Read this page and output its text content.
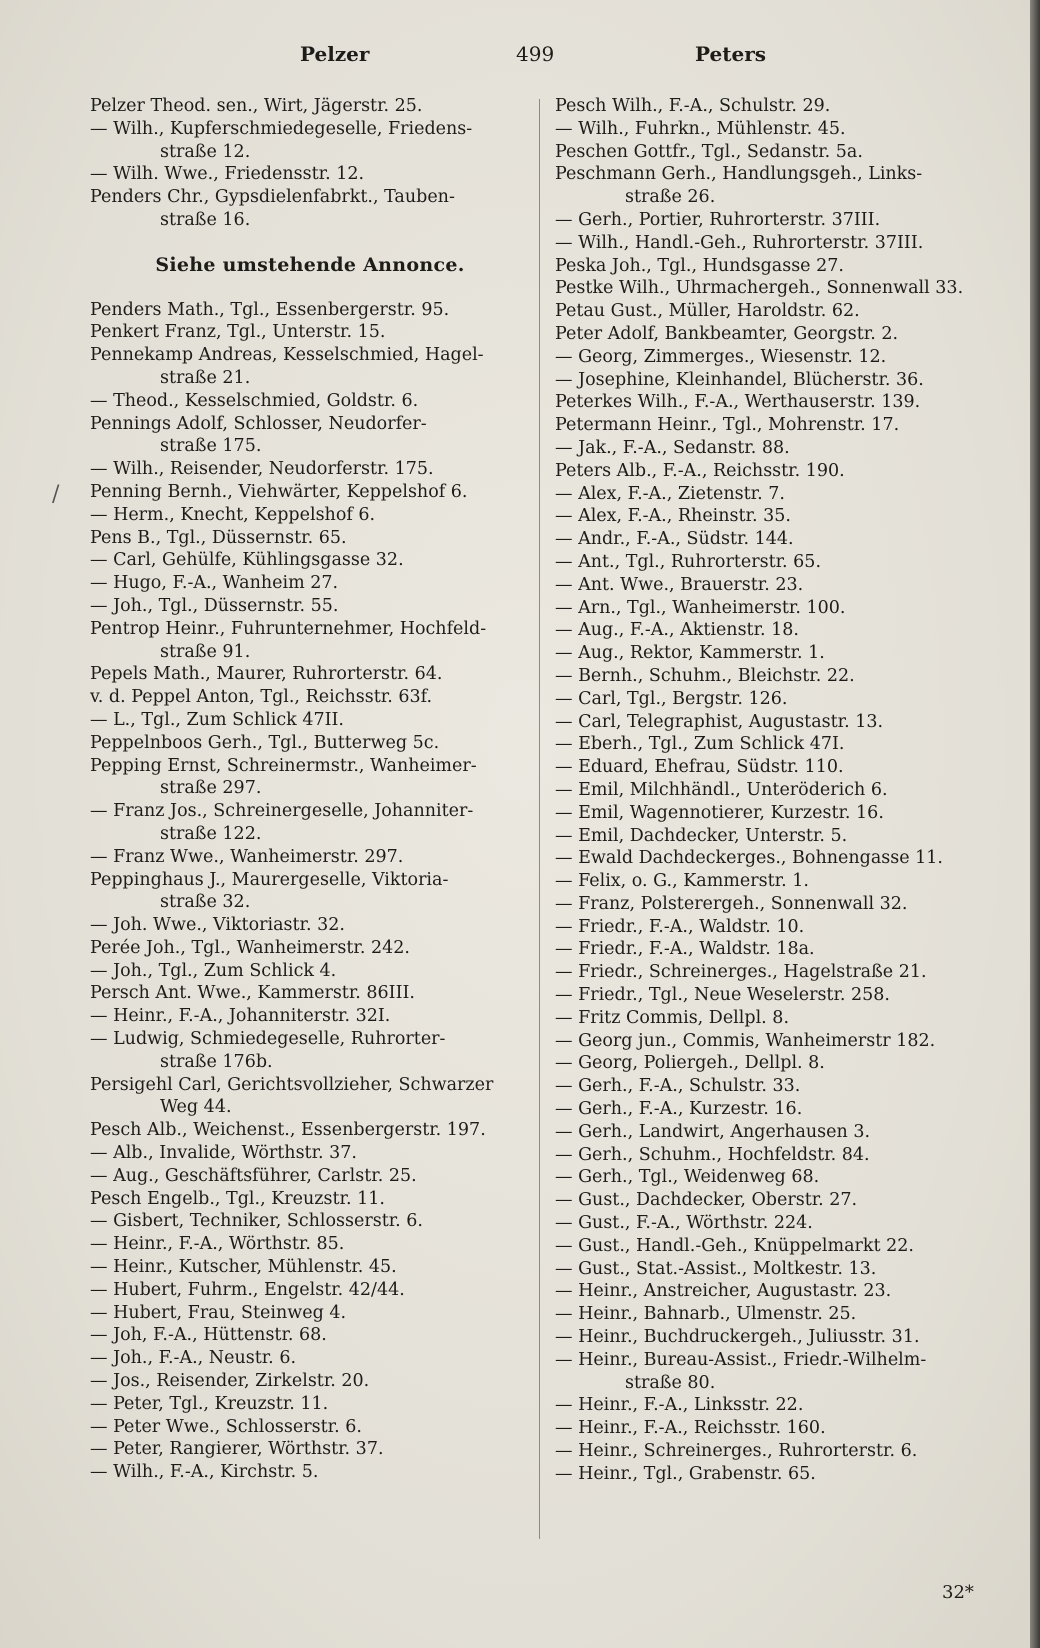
Pelzer	499	Peters
/
Pelzer Theod. sen., Wirt, Jägerstr. 25.
— Wilh., Kupferschmiedegeselle, Friedens-
straße 12.
— Wilh. Wwe., Friedensstr. 12.
Penders Chr., Gypsdielenfabrkt., Tauben-
straße 16.
Siehe umstehende Annonce.
Penders Math., Tgl., Essenbergerstr. 95.
Penkert Franz, Tgl., Unterstr. 15.
Pennekamp Andreas, Kesselschmied, Hagel-
straße 21.
— Theod., Kesselschmied, Goldstr. 6.
Pennings Adolf, Schlosser, Neudorfer-
straße 175.
— Wilh., Reisender, Neudorferstr. 175.
Penning Bernh., Viehwärter, Keppelshof 6.
— Herm., Knecht, Keppelshof 6.
Pens B., Tgl., Düssernstr. 65.
— Carl, Gehülfe, Kühlingsgasse 32.
— Hugo, F.-A., Wanheim 27.
— Joh., Tgl., Düssernstr. 55.
Pentrop Heinr., Fuhrunternehmer, Hochfeld-
straße 91.
Pepels Math., Maurer, Ruhrorterstr. 64.
v. d. Peppel Anton, Tgl., Reichsstr. 63f.
— L., Tgl., Zum Schlick 47II.
Peppelnboos Gerh., Tgl., Butterweg 5c.
Pepping Ernst, Schreinermstr., Wanheimer-
straße 297.
— Franz Jos., Schreinergeselle, Johanniter-
straße 122.
— Franz Wwe., Wanheimerstr. 297.
Peppinghaus J., Maurergeselle, Viktoria-
straße 32.
— Joh. Wwe., Viktoriastr. 32.
Perée Joh., Tgl., Wanheimerstr. 242.
— Joh., Tgl., Zum Schlick 4.
Persch Ant. Wwe., Kammerstr. 86III.
— Heinr., F.-A., Johanniterstr. 32I.
— Ludwig, Schmiedegeselle, Ruhrorter-
straße 176b.
Persigehl Carl, Gerichtsvollzieher, Schwarzer
Weg 44.
Pesch Alb., Weichenst., Essenbergerstr. 197.
— Alb., Invalide, Wörthstr. 37.
— Aug., Geschäftsführer, Carlstr. 25.
Pesch Engelb., Tgl., Kreuzstr. 11.
— Gisbert, Techniker, Schlosserstr. 6.
— Heinr., F.-A., Wörthstr. 85.
— Heinr., Kutscher, Mühlenstr. 45.
— Hubert, Fuhrm., Engelstr. 42/44.
— Hubert, Frau, Steinweg 4.
— Joh, F.-A., Hüttenstr. 68.
— Joh., F.-A., Neustr. 6.
— Jos., Reisender, Zirkelstr. 20.
— Peter, Tgl., Kreuzstr. 11.
— Peter Wwe., Schlosserstr. 6.
— Peter, Rangierer, Wörthstr. 37.
— Wilh., F.-A., Kirchstr. 5.
Pesch Wilh., F.-A., Schulstr. 29.
— Wilh., Fuhrkn., Mühlenstr. 45.
Peschen Gottfr., Tgl., Sedanstr. 5a.
Peschmann Gerh., Handlungsgeh., Links-
straße 26.
— Gerh., Portier, Ruhrorterstr. 37III.
— Wilh., Handl.-Geh., Ruhrorterstr. 37III.
Peska Joh., Tgl., Hundsgasse 27.
Pestke Wilh., Uhrmachergeh., Sonnenwall 33.
Petau Gust., Müller, Haroldstr. 62.
Peter Adolf, Bankbeamter, Georgstr. 2.
— Georg, Zimmerges., Wiesenstr. 12.
— Josephine, Kleinhandel, Blücherstr. 36.
Peterkes Wilh., F.-A., Werthauserstr. 139.
Petermann Heinr., Tgl., Mohrenstr. 17.
— Jak., F.-A., Sedanstr. 88.
Peters Alb., F.-A., Reichsstr. 190.
— Alex, F.-A., Zietenstr. 7.
— Alex, F.-A., Rheinstr. 35.
— Andr., F.-A., Südstr. 144.
— Ant., Tgl., Ruhrorterstr. 65.
— Ant. Wwe., Brauerstr. 23.
— Arn., Tgl., Wanheimerstr. 100.
— Aug., F.-A., Aktienstr. 18.
— Aug., Rektor, Kammerstr. 1.
— Bernh., Schuhm., Bleichstr. 22.
— Carl, Tgl., Bergstr. 126.
— Carl, Telegraphist, Augustastr. 13.
— Eberh., Tgl., Zum Schlick 47I.
— Eduard, Ehefrau, Südstr. 110.
— Emil, Milchhändl., Unteröderich 6.
— Emil, Wagennotierer, Kurzestr. 16.
— Emil, Dachdecker, Unterstr. 5.
— Ewald Dachdeckerges., Bohnengasse 11.
— Felix, o. G., Kammerstr. 1.
— Franz, Polsterergeh., Sonnenwall 32.
— Friedr., F.-A., Waldstr. 10.
— Friedr., F.-A., Waldstr. 18a.
— Friedr., Schreinerges., Hagelstraße 21.
— Friedr., Tgl., Neue Weselerstr. 258.
— Fritz Commis, Dellpl. 8.
— Georg jun., Commis, Wanheimerstr 182.
— Georg, Poliergeh., Dellpl. 8.
— Gerh., F.-A., Schulstr. 33.
— Gerh., F.-A., Kurzestr. 16.
— Gerh., Landwirt, Angerhausen 3.
— Gerh., Schuhm., Hochfeldstr. 84.
— Gerh., Tgl., Weidenweg 68.
— Gust., Dachdecker, Oberstr. 27.
— Gust., F.-A., Wörthstr. 224.
— Gust., Handl.-Geh., Knüppelmarkt 22.
— Gust., Stat.-Assist., Moltkestr. 13.
— Heinr., Anstreicher, Augustastr. 23.
— Heinr., Bahnarb., Ulmenstr. 25.
— Heinr., Buchdruckergeh., Juliusstr. 31.
— Heinr., Bureau-Assist., Friedr.-Wilhelm-
straße 80.
— Heinr., F.-A., Linksstr. 22.
— Heinr., F.-A., Reichsstr. 160.
— Heinr., Schreinerges., Ruhrorterstr. 6.
— Heinr., Tgl., Grabenstr. 65.
32*
